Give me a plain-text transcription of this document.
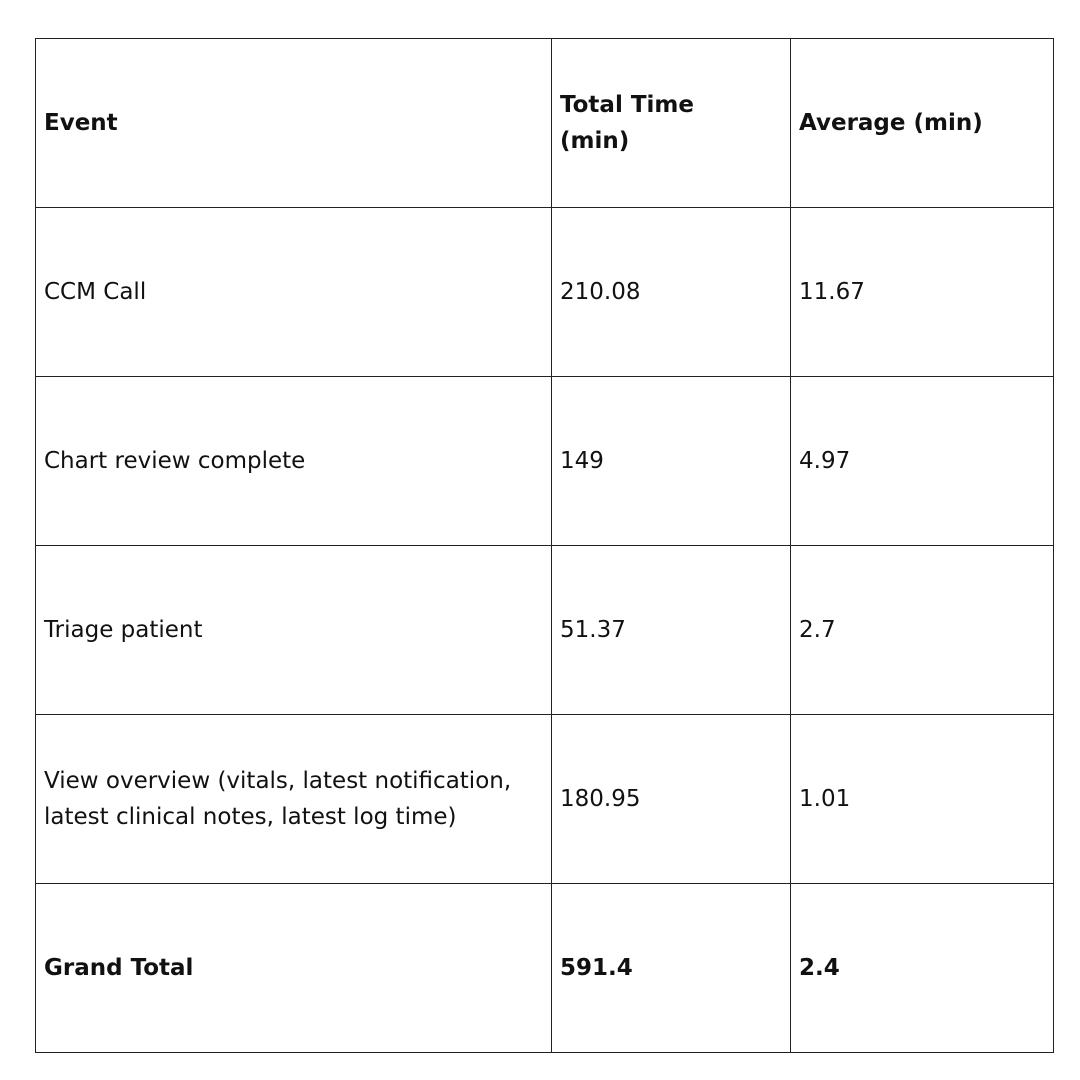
Event	Total Time (min)	Average (min)
CCM Call	210.08	11.67
Chart review complete	149	4.97
Triage patient	51.37	2.7
View overview (vitals, latest notification, latest clinical notes, latest log time)	180.95	1.01
Grand Total	591.4	2.4
